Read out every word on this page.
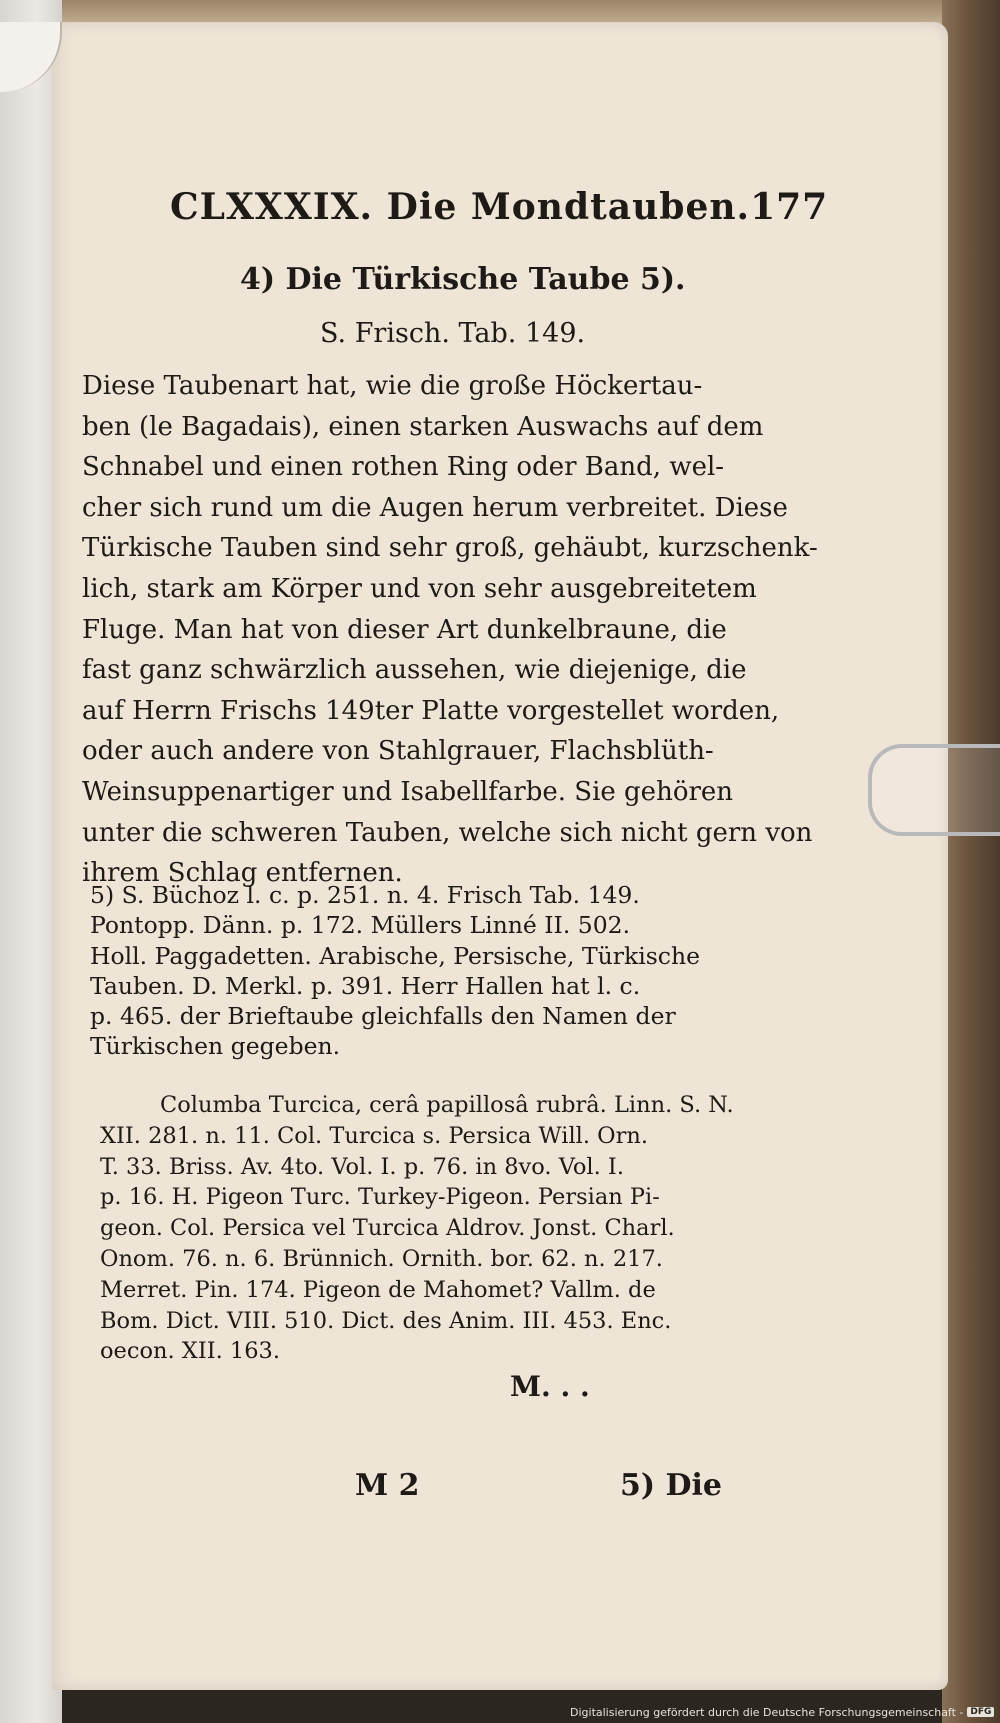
CLXXXIX. Die Mondtauben. 177
4) Die Türkische Taube 5).
S. Frisch. Tab. 149.
Diese Taubenart hat, wie die große Höckertau-
ben (le Bagadais), einen starken Auswachs auf dem
Schnabel und einen rothen Ring oder Band, wel-
cher sich rund um die Augen herum verbreitet. Diese
Türkische Tauben sind sehr groß, gehäubt, kurzschenk-
lich, stark am Körper und von sehr ausgebreitetem
Fluge. Man hat von dieser Art dunkelbraune, die
fast ganz schwärzlich aussehen, wie diejenige, die
auf Herrn Frischs 149ter Platte vorgestellet worden,
oder auch andere von Stahlgrauer, Flachsblüth-
Weinsuppenartiger und Isabellfarbe. Sie gehören
unter die schweren Tauben, welche sich nicht gern von
ihrem Schlag entfernen.
5) S. Büchoz l. c. p. 251. n. 4. Frisch Tab. 149.
Pontopp. Dänn. p. 172. Müllers Linné II. 502.
Holl. Paggadetten. Arabische, Persische, Türkische
Tauben. D. Merkl. p. 391. Herr Hallen hat l. c.
p. 465. der Brieftaube gleichfalls den Namen der
Türkischen gegeben.
Columba Turcica, cerâ papillosâ rubrâ. Linn. S. N.
XII. 281. n. 11. Col. Turcica s. Persica Will. Orn.
T. 33. Briss. Av. 4to. Vol. I. p. 76. in 8vo. Vol. I.
p. 16. H. Pigeon Turc. Turkey-Pigeon. Persian Pi-
geon. Col. Persica vel Turcica Aldrov. Jonst. Charl.
Onom. 76. n. 6. Brünnich. Ornith. bor. 62. n. 217.
Merret. Pin. 174. Pigeon de Mahomet? Vallm. de
Bom. Dict. VIII. 510. Dict. des Anim. III. 453. Enc.
oecon. XII. 163.
M. . .
M 2	5) Die
Digitalisierung gefördert durch die Deutsche Forschungsgemeinschaft - DFG
